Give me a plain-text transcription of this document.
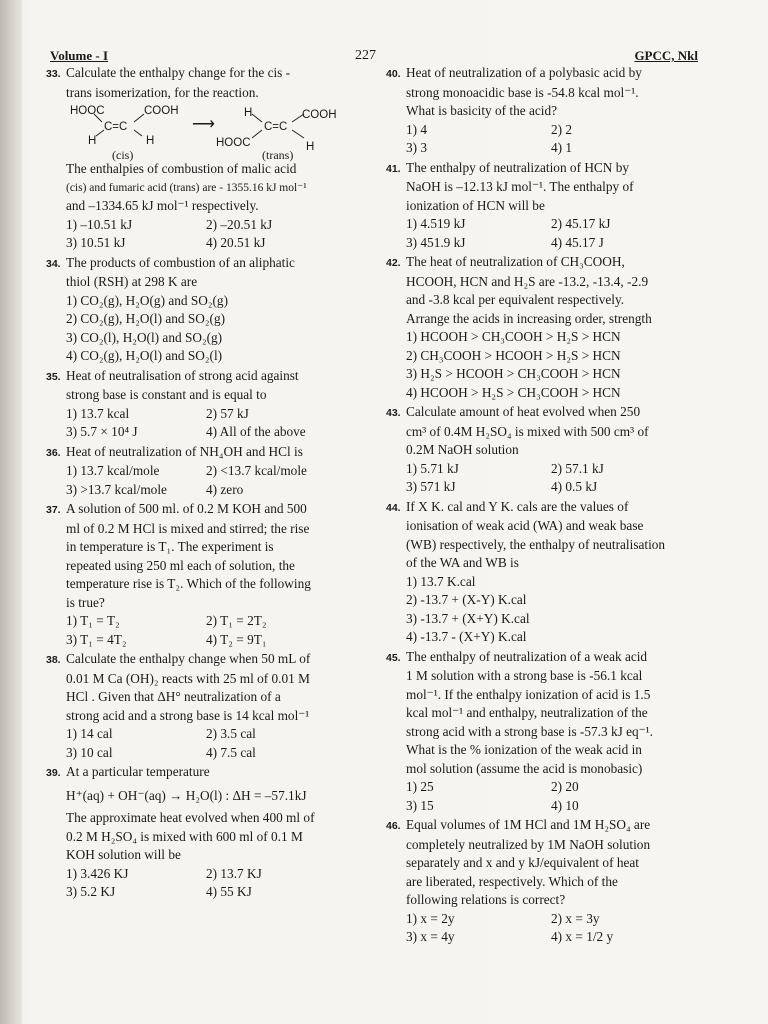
Volume - I	227	GPCC, Nkl
33. Calculate the enthalpy change for the cis -
trans isomerization, for the reaction.
HOOC	COOH
C=C
H	H
⟶
H	COOH
C=C
HOOC	H
(cis)	(trans)
The enthalpies of combustion of malic acid
(cis) and fumaric acid (trans) are - 1355.16 kJ mol⁻¹
and –1334.65 kJ mol⁻¹ respectively.
1) –10.51 kJ	2) –20.51 kJ
3) 10.51 kJ	4) 20.51 kJ
34. The products of combustion of an aliphatic
thiol (RSH) at 298 K are
1) CO₂(g), H₂O(g) and SO₂(g)
2) CO₂(g), H₂O(l) and SO₂(g)
3) CO₂(l), H₂O(l) and SO₂(g)
4) CO₂(g), H₂O(l) and SO₂(l)
35. Heat of neutralisation of strong acid against
strong base is constant and is equal to
1) 13.7 kcal	2) 57 kJ
3) 5.7 × 10⁴ J	4) All of the above
36. Heat of neutralization of NH₄OH and HCl is
1) 13.7 kcal/mole	2) <13.7 kcal/mole
3) >13.7 kcal/mole	4) zero
37. A solution of 500 ml. of 0.2 M KOH and 500
ml of 0.2 M HCl is mixed and stirred; the rise
in temperature is T₁. The experiment is
repeated using 250 ml each of solution, the
temperature rise is T₂. Which of the following
is true?
1) T₁ = T₂	2) T₁ = 2T₂
3) T₁ = 4T₂	4) T₂ = 9T₁
38. Calculate the enthalpy change when 50 mL of
0.01 M Ca (OH)₂ reacts with 25 ml of 0.01 M
HCl . Given that ΔH° neutralization of a
strong acid and a strong base is 14 kcal mol⁻¹
1) 14 cal	2) 3.5 cal
3) 10 cal	4) 7.5 cal
39. At a particular temperature
H⁺(aq) + OH⁻(aq) → H₂O(l) : ΔH = –57.1kJ
The approximate heat evolved when 400 ml of
0.2 M H₂SO₄ is mixed with 600 ml of 0.1 M
KOH solution will be
1) 3.426 KJ	2) 13.7 KJ
3) 5.2 KJ	4) 55 KJ
40. Heat of neutralization of a polybasic acid by
strong monoacidic base is -54.8 kcal mol⁻¹.
What is basicity of the acid?
1) 4	2) 2
3) 3	4) 1
41. The enthalpy of neutralization of HCN by
NaOH is –12.13 kJ mol⁻¹. The enthalpy of
ionization of HCN will be
1) 4.519 kJ	2) 45.17 kJ
3) 451.9 kJ	4) 45.17 J
42. The heat of neutralization of CH₃COOH,
HCOOH, HCN and H₂S are -13.2, -13.4, -2.9
and -3.8 kcal per equivalent respectively.
Arrange the acids in increasing order, strength
1) HCOOH > CH₃COOH > H₂S > HCN
2) CH₃COOH > HCOOH > H₂S > HCN
3) H₂S > HCOOH > CH₃COOH > HCN
4) HCOOH > H₂S > CH₃COOH > HCN
43. Calculate amount of heat evolved when 250
cm³ of 0.4M H₂SO₄ is mixed with 500 cm³ of
0.2M NaOH solution
1) 5.71 kJ	2) 57.1 kJ
3) 571 kJ	4) 0.5 kJ
44. If X K. cal and Y K. cals are the values of
ionisation of weak acid (WA) and weak base
(WB) respectively, the enthalpy of neutralisation
of the WA and WB is
1) 13.7 K.cal
2) -13.7 + (X-Y) K.cal
3) -13.7 + (X+Y) K.cal
4) -13.7 - (X+Y) K.cal
45. The enthalpy of neutralization of a weak acid
1 M solution with a strong base is -56.1 kcal
mol⁻¹. If the enthalpy ionization of acid is 1.5
kcal mol⁻¹ and enthalpy, neutralization of the
strong acid with a strong base is -57.3 kJ eq⁻¹.
What is the % ionization of the weak acid in
mol solution (assume the acid is monobasic)
1) 25	2) 20
3) 15	4) 10
46. Equal volumes of 1M HCl and 1M H₂SO₄ are
completely neutralized by 1M NaOH solution
separately and x and y kJ/equivalent of heat
are liberated, respectively. Which of the
following relations is correct?
1) x = 2y	2) x = 3y
3) x = 4y	4) x = 1/2 y
